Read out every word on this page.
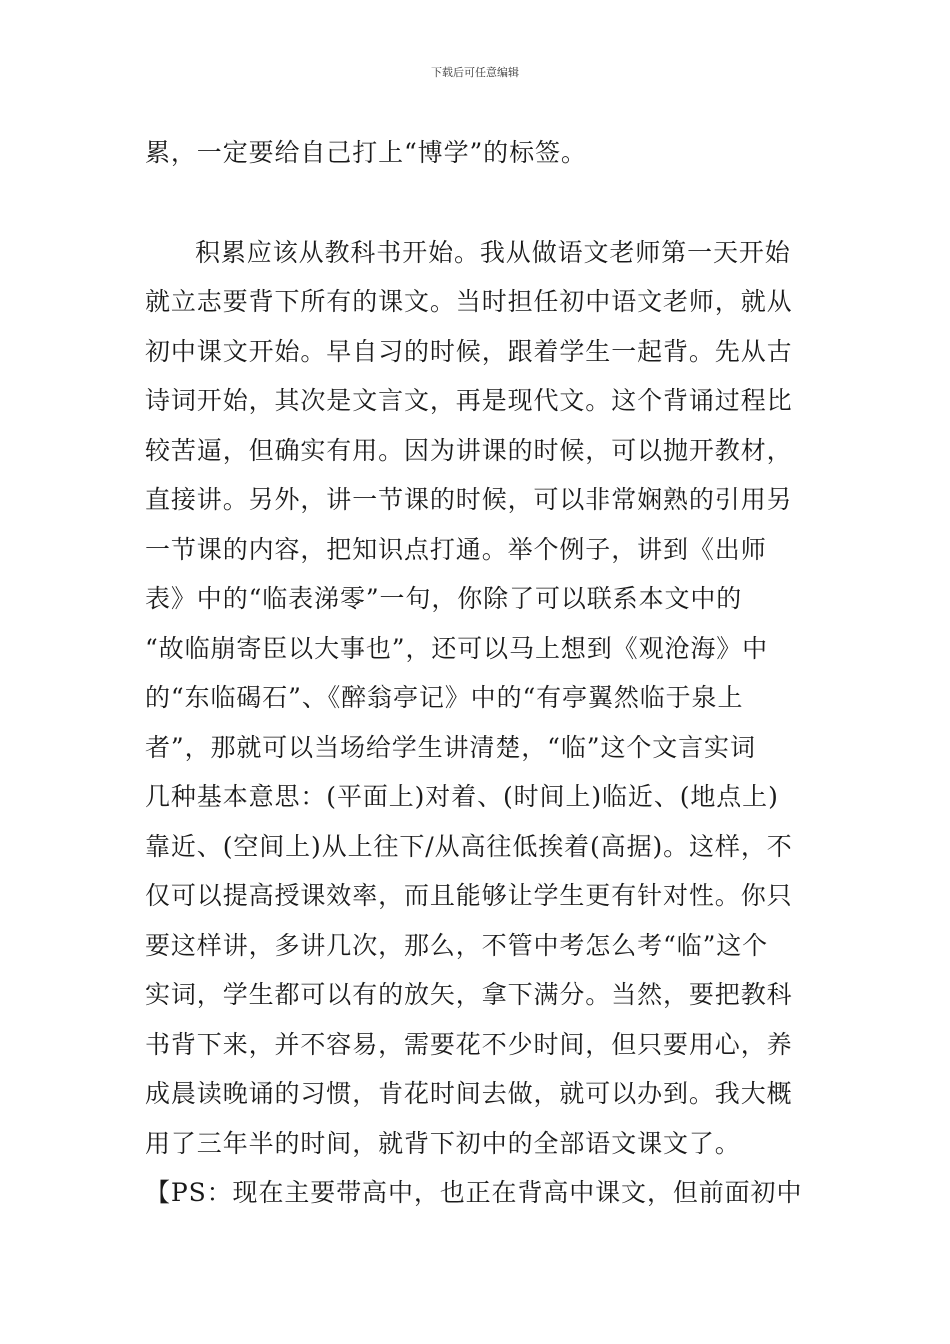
下载后可任意编辑
累，一定要给自己打上“博学”的标签。
积累应该从教科书开始。我从做语文老师第一天开始
就立志要背下所有的课文。当时担任初中语文老师，就从
初中课文开始。早自习的时候，跟着学生一起背。先从古
诗词开始，其次是文言文，再是现代文。这个背诵过程比
较苦逼，但确实有用。因为讲课的时候，可以抛开教材，
直接讲。另外，讲一节课的时候，可以非常娴熟的引用另
一节课的内容，把知识点打通。举个例子，讲到《出师
表》中的“临表涕零”一句，你除了可以联系本文中的
“故临崩寄臣以大事也”，还可以马上想到《观沧海》中
的“东临碣石”、《醉翁亭记》中的“有亭翼然临于泉上
者”，那就可以当场给学生讲清楚，“临”这个文言实词
几种基本意思：(平面上)对着、(时间上)临近、(地点上)
靠近、(空间上)从上往下/从高往低挨着(高据)。这样，不
仅可以提高授课效率，而且能够让学生更有针对性。你只
要这样讲，多讲几次，那么，不管中考怎么考“临”这个
实词，学生都可以有的放矢，拿下满分。当然，要把教科
书背下来，并不容易，需要花不少时间，但只要用心，养
成晨读晚诵的习惯，肯花时间去做，就可以办到。我大概
用了三年半的时间，就背下初中的全部语文课文了。
【PS：现在主要带高中，也正在背高中课文，但前面初中
